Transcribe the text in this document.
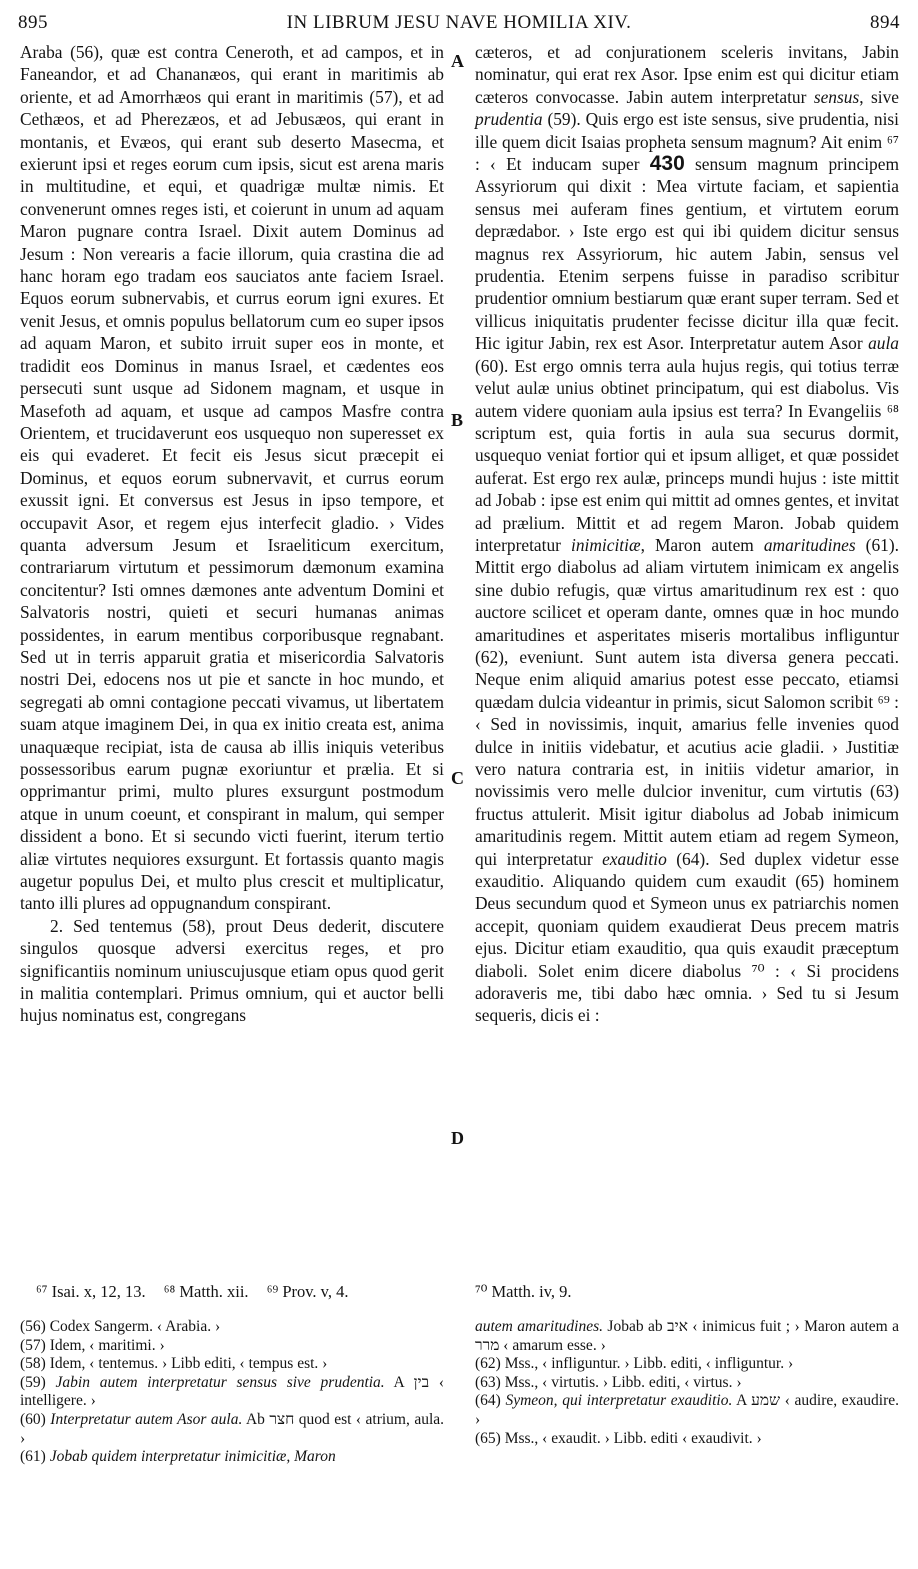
895	IN LIBRUM JESU NAVE HOMILIA XIV.	894
A
B
C
D

Araba (56), quæ est contra Ceneroth, et ad campos, et in Faneandor, et ad Chananæos, qui erant in maritimis ab oriente, et ad Amorrhæos qui erant in maritimis (57), et ad Cethæos, et ad Pherezæos, et ad Jebusæos, qui erant in montanis, et Evæos, qui erant sub deserto Masecma, et exierunt ipsi et reges eorum cum ipsis, sicut est arena maris in multitudine, et equi, et quadrigæ multæ nimis. Et convenerunt omnes reges isti, et coierunt in unum ad aquam Maron pugnare contra Israel. Dixit autem Dominus ad Jesum : Non verearis a facie illorum, quia crastina die ad hanc horam ego tradam eos sauciatos ante faciem Israel. Equos eorum subnervabis, et currus eorum igni exures. Et venit Jesus, et omnis populus bellatorum cum eo super ipsos ad aquam Maron, et subito irruit super eos in monte, et tradidit eos Dominus in manus Israel, et cædentes eos persecuti sunt usque ad Sidonem magnam, et usque in Masefoth ad aquam, et usque ad campos Masfre contra Orientem, et trucidaverunt eos usquequo non superesset ex eis qui evaderet. Et fecit eis Jesus sicut præcepit ei Dominus, et equos eorum subnervavit, et currus eorum exussit igni. Et conversus est Jesus in ipso tempore, et occupavit Asor, et regem ejus interfecit gladio. › Vides quanta adversum Jesum et Israeliticum exercitum, contrariarum virtutum et pessimorum dæmonum examina concitentur? Isti omnes dæmones ante adventum Domini et Salvatoris nostri, quieti et securi humanas animas possidentes, in earum mentibus corporibusque regnabant. Sed ut in terris apparuit gratia et misericordia Salvatoris nostri Dei, edocens nos ut pie et sancte in hoc mundo, et segregati ab omni contagione peccati vivamus, ut libertatem suam atque imaginem Dei, in qua ex initio creata est, anima unaquæque recipiat, ista de causa ab illis iniquis veteribus possessoribus earum pugnæ exoriuntur et prælia. Et si opprimantur primi, multo plures exsurgunt postmodum atque in unum coeunt, et conspirant in malum, qui semper dissident a bono. Et si secundo victi fuerint, iterum tertio aliæ virtutes nequiores exsurgunt. Et fortassis quanto magis augetur populus Dei, et multo plus crescit et multiplicatur, tanto illi plures ad oppugnandum conspirant.

2. Sed tentemus (58), prout Deus dederit, discutere singulos quosque adversi exercitus reges, et pro significantiis nominum uniuscujusque etiam opus quod gerit in malitia contemplari. Primus omnium, qui et auctor belli hujus nominatus est, congregans

cæteros, et ad conjurationem sceleris invitans, Jabin nominatur, qui erat rex Asor. Ipse enim est qui dicitur etiam cæteros convocasse. Jabin autem interpretatur sensus, sive prudentia (59). Quis ergo est iste sensus, sive prudentia, nisi ille quem dicit Isaias propheta sensum magnum? Ait enim ⁶⁷ : ‹ Et inducam super 430 sensum magnum principem Assyriorum qui dixit : Mea virtute faciam, et sapientia sensus mei auferam fines gentium, et virtutem eorum deprædabor. › Iste ergo est qui ibi quidem dicitur sensus magnus rex Assyriorum, hic autem Jabin, sensus vel prudentia. Etenim serpens fuisse in paradiso scribitur prudentior omnium bestiarum quæ erant super terram. Sed et villicus iniquitatis prudenter fecisse dicitur illa quæ fecit. Hic igitur Jabin, rex est Asor. Interpretatur autem Asor aula (60). Est ergo omnis terra aula hujus regis, qui totius terræ velut aulæ unius obtinet principatum, qui est diabolus. Vis autem videre quoniam aula ipsius est terra? In Evangeliis ⁶⁸ scriptum est, quia fortis in aula sua securus dormit, usquequo veniat fortior qui et ipsum alliget, et quæ possidet auferat. Est ergo rex aulæ, princeps mundi hujus : iste mittit ad Jobab : ipse est enim qui mittit ad omnes gentes, et invitat ad prælium. Mittit et ad regem Maron. Jobab quidem interpretatur inimicitiæ, Maron autem amaritudines (61). Mittit ergo diabolus ad aliam virtutem inimicam ex angelis sine dubio refugis, quæ virtus amaritudinum rex est : quo auctore scilicet et operam dante, omnes quæ in hoc mundo amaritudines et asperitates miseris mortalibus infliguntur (62), eveniunt. Sunt autem ista diversa genera peccati. Neque enim aliquid amarius potest esse peccato, etiamsi quædam dulcia videantur in primis, sicut Salomon scribit ⁶⁹ : ‹ Sed in novissimis, inquit, amarius felle invenies quod dulce in initiis videbatur, et acutius acie gladii. › Justitiæ vero natura contraria est, in initiis videtur amarior, in novissimis vero melle dulcior invenitur, cum virtutis (63) fructus attulerit. Misit igitur diabolus ad Jobab inimicum amaritudinis regem. Mittit autem etiam ad regem Symeon, qui interpretatur exauditio (64). Sed duplex videtur esse exauditio. Aliquando quidem cum exaudit (65) hominem Deus secundum quod et Symeon unus ex patriarchis nomen accepit, quoniam quidem exaudierat Deus precem matris ejus. Dicitur etiam exauditio, qua quis exaudit præceptum diaboli. Solet enim dicere diabolus ⁷⁰ : ‹ Si procidens adoraveris me, tibi dabo hæc omnia. › Sed tu si Jesum sequeris, dicis ei :

⁶⁷ Isai. x, 12, 13. ⁶⁸ Matth. xii. ⁶⁹ Prov. v, 4.	⁷⁰ Matth. iv, 9.

(56) Codex Sangerm. ‹ Arabia. ›

(57) Idem, ‹ maritimi. ›

(58) Idem, ‹ tentemus. › Libb editi, ‹ tempus est. ›

(59) Jabin autem interpretatur sensus sive prudentia. A בין ‹ intelligere. ›

(60) Interpretatur autem Asor aula. Ab חצר quod est ‹ atrium, aula. ›

(61) Jobab quidem interpretatur inimicitiæ, Maron

autem amaritudines. Jobab ab איב ‹ inimicus fuit ; › Maron autem a מרר ‹ amarum esse. ›

(62) Mss., ‹ infliguntur. › Libb. editi, ‹ infliguntur. ›

(63) Mss., ‹ virtutis. › Libb. editi, ‹ virtus. ›

(64) Symeon, qui interpretatur exauditio. A שמע ‹ audire, exaudire. ›

(65) Mss., ‹ exaudit. › Libb. editi ‹ exaudivit. ›
